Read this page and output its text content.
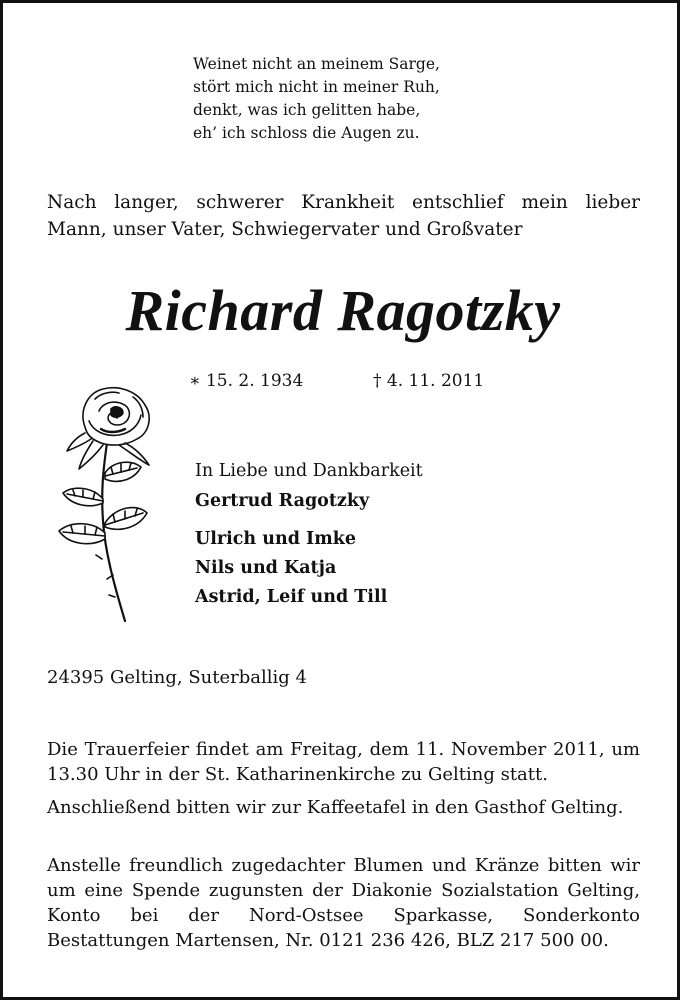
Weinet nicht an meinem Sarge,
stört mich nicht in meiner Ruh,
denkt, was ich gelitten habe,
eh’ ich schloss die Augen zu.
Nach langer, schwerer Krankheit entschlief mein lieber
Mann, unser Vater, Schwiegervater und Großvater
Richard Ragotzky
∗ 15. 2. 1934	† 4. 11. 2011
In Liebe und Dankbarkeit
Gertrud Ragotzky
Ulrich und Imke
Nils und Katja
Astrid, Leif und Till
24395 Gelting, Suterballig 4
Die Trauerfeier findet am Freitag, dem 11. November 2011, um 13.30 Uhr in der St. Katharinenkirche zu Gelting statt.
Anschließend bitten wir zur Kaffeetafel in den Gasthof Gelting.
Anstelle freundlich zugedachter Blumen und Kränze bitten wir um eine Spende zugunsten der Diakonie Sozialstation Gelting, Konto bei der Nord-Ostsee Sparkasse, Sonderkonto Bestattungen Martensen, Nr. 0121 236 426, BLZ 217 500 00.
